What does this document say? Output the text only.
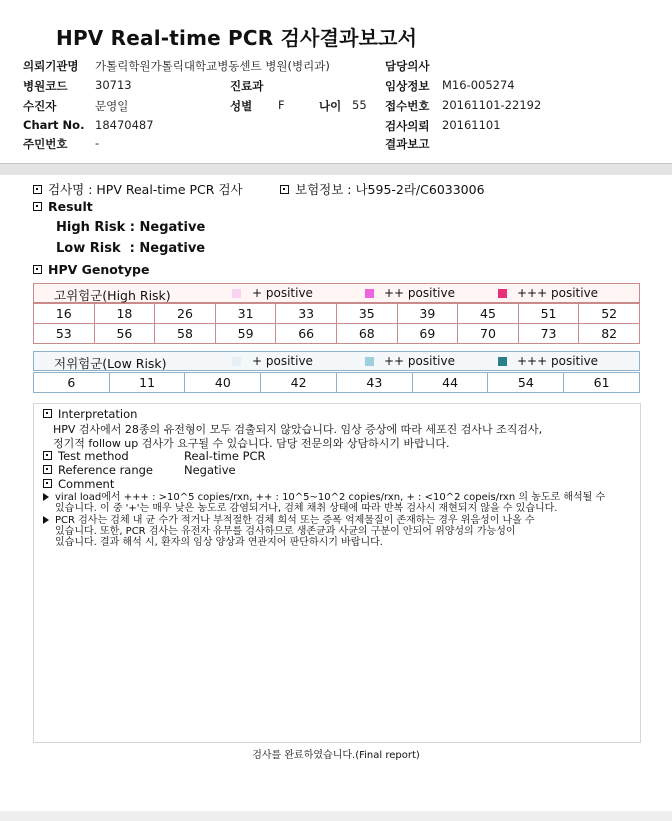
HPV Real-time PCR 검사결과보고서
의뢰기관명 가톨릭학원가톨릭대학교병동센트 병원(병리과)
병원코드 30713
수진자	문영일
Chart No. 18470487
주민번호 -
진료과
성별 F	나이 55
담당의사
임상정보 M16-005274
접수번호 20161101-22192
검사의뢰 20161101
결과보고
검사명 : HPV Real-time PCR 검사	보험정보 : 나595-2라/C6033006
Result
High Risk : Negative
Low Risk  : Negative
HPV Genotype
고위험군(High Risk)	+ positive	++ positive	+++ positive
16	18	26	31	33	35	39	45	51	52
53	56	58	59	66	68	69	70	73	82
저위험군(Low Risk)	+ positive	++ positive	+++ positive
6	11	40	42	43	44	54	61
Interpretation
HPV 검사에서 28종의 유전형이 모두 검출되지 않았습니다. 임상 증상에 따라 세포진 검사나 조직검사,
정기적 follow up 검사가 요구될 수 있습니다. 담당 전문의와 상담하시기 바랍니다.
Test method	Real-time PCR
Reference range	Negative
Comment
viral load에서 +++ : >10^5 copies/rxn, ++ : 10^5~10^2 copies/rxn, + : <10^2 copeis/rxn 의 농도로 해석될 수
있습니다. 이 중 '+'는 매우 낮은 농도로 감염되거나, 검체 채취 상태에 따라 반복 검사시 재현되지 않을 수 있습니다.
PCR 검사는 검체 내 균 수가 적거나 부적절한 검체 희석 또는 증폭 억제물질이 존재하는 경우 위음성이 나올 수
있습니다. 또한, PCR 검사는 유전자 유무를 검사하므로 생존균과 사균의 구분이 안되어 위양성의 가능성이
있습니다. 결과 해석 시, 환자의 임상 양상과 연관지어 판단하시기 바랍니다.
검사를 완료하였습니다.(Final report)
